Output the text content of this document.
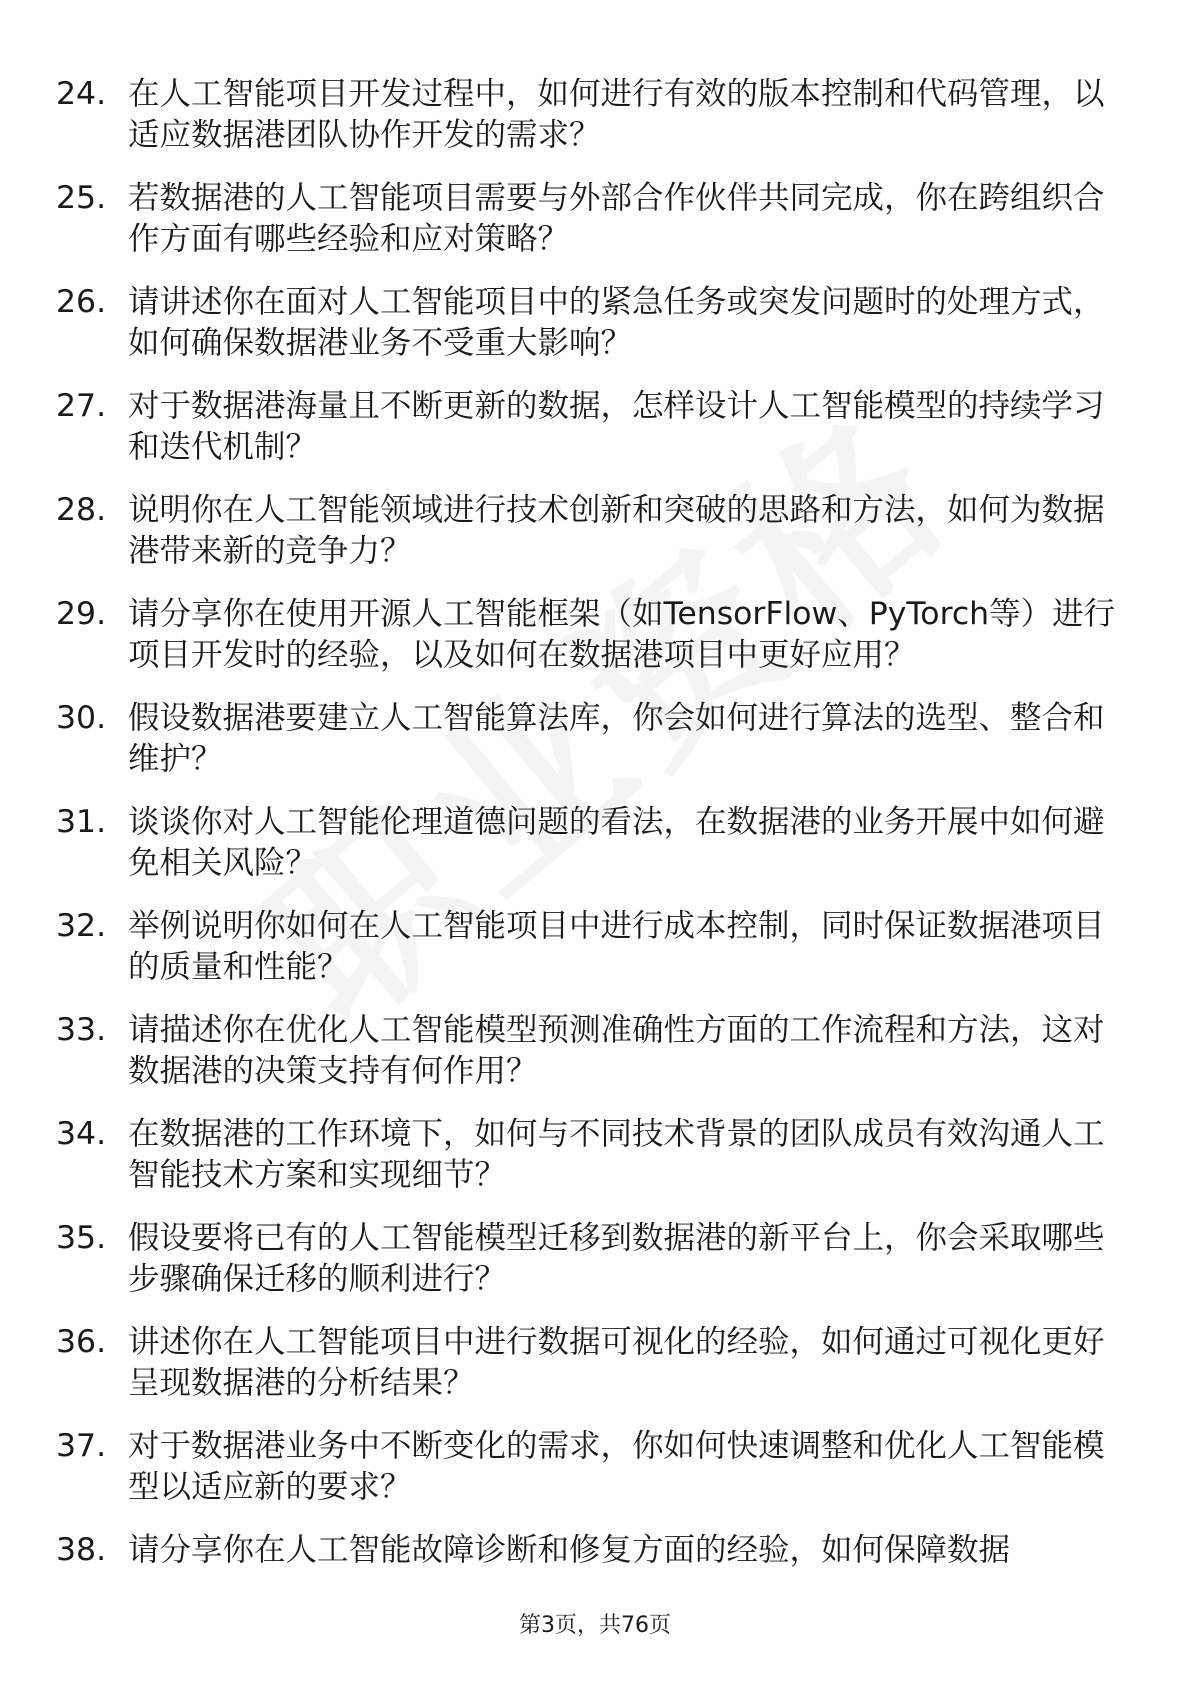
24. 在人工智能项目开发过程中，如何进行有效的版本控制和代码管理，以适应数据港团队协作开发的需求？
25. 若数据港的人工智能项目需要与外部合作伙伴共同完成，你在跨组织合作方面有哪些经验和应对策略？
26. 请讲述你在面对人工智能项目中的紧急任务或突发问题时的处理方式，如何确保数据港业务不受重大影响？
27. 对于数据港海量且不断更新的数据，怎样设计人工智能模型的持续学习和迭代机制？
28. 说明你在人工智能领域进行技术创新和突破的思路和方法，如何为数据港带来新的竞争力？
29. 请分享你在使用开源人工智能框架（如TensorFlow、PyTorch等）进行项目开发时的经验，以及如何在数据港项目中更好应用？
30. 假设数据港要建立人工智能算法库，你会如何进行算法的选型、整合和维护？
31. 谈谈你对人工智能伦理道德问题的看法，在数据港的业务开展中如何避免相关风险？
32. 举例说明你如何在人工智能项目中进行成本控制，同时保证数据港项目的质量和性能？
33. 请描述你在优化人工智能模型预测准确性方面的工作流程和方法，这对数据港的决策支持有何作用？
34. 在数据港的工作环境下，如何与不同技术背景的团队成员有效沟通人工智能技术方案和实现细节？
35. 假设要将已有的人工智能模型迁移到数据港的新平台上，你会采取哪些步骤确保迁移的顺利进行？
36. 讲述你在人工智能项目中进行数据可视化的经验，如何通过可视化更好呈现数据港的分析结果？
37. 对于数据港业务中不断变化的需求，你如何快速调整和优化人工智能模型以适应新的要求？
38. 请分享你在人工智能故障诊断和修复方面的经验，如何保障数据
第3页，共76页
